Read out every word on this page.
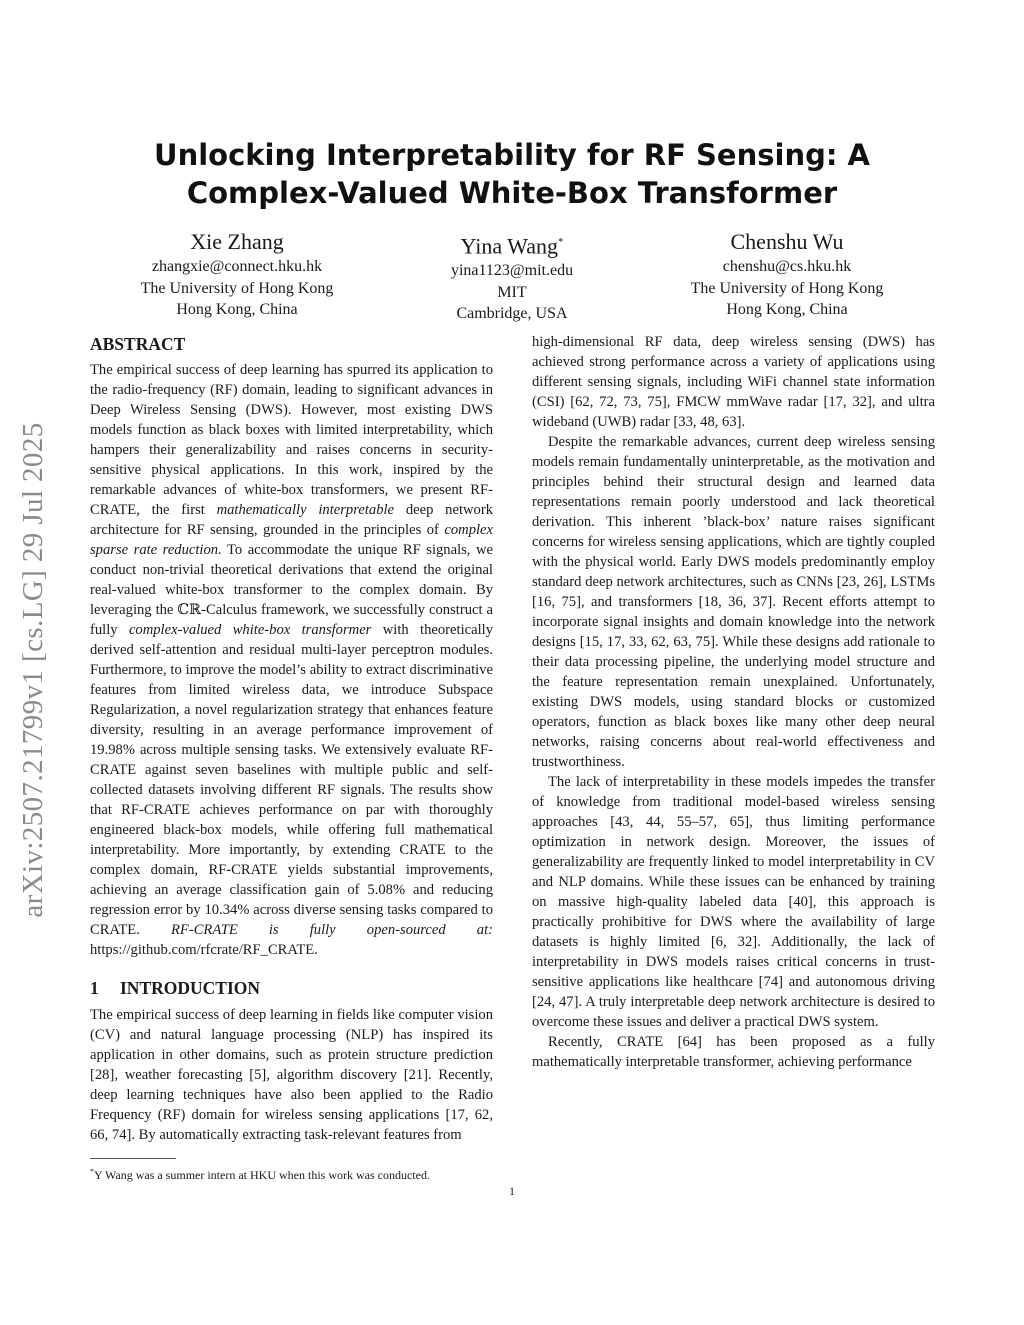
arXiv:2507.21799v1 [cs.LG] 29 Jul 2025
Unlocking Interpretability for RF Sensing: A
Complex-Valued White-Box Transformer
Xie Zhang
zhangxie@connect.hku.hk
The University of Hong Kong
Hong Kong, China
Yina Wang*
yina1123@mit.edu
MIT
Cambridge, USA
Chenshu Wu
chenshu@cs.hku.hk
The University of Hong Kong
Hong Kong, China
ABSTRACT

The empirical success of deep learning has spurred its application to the radio-frequency (RF) domain, leading to significant advances in Deep Wireless Sensing (DWS). However, most existing DWS models function as black boxes with limited interpretability, which hampers their generalizability and raises concerns in security-sensitive physical applications. In this work, inspired by the remarkable advances of white-box transformers, we present RF-CRATE, the first mathematically interpretable deep network architecture for RF sensing, grounded in the principles of complex sparse rate reduction. To accommodate the unique RF signals, we conduct non-trivial theoretical derivations that extend the original real-valued white-box transformer to the complex domain. By leveraging the ℂℝ-Calculus framework, we successfully construct a fully complex-valued white-box transformer with theoretically derived self-attention and residual multi-layer perceptron modules. Furthermore, to improve the model’s ability to extract discriminative features from limited wireless data, we introduce Subspace Regularization, a novel regularization strategy that enhances feature diversity, resulting in an average performance improvement of 19.98% across multiple sensing tasks. We extensively evaluate RF-CRATE against seven baselines with multiple public and self-collected datasets involving different RF signals. The results show that RF-CRATE achieves performance on par with thoroughly engineered black-box models, while offering full mathematical interpretability. More importantly, by extending CRATE to the complex domain, RF-CRATE yields substantial improvements, achieving an average classification gain of 5.08% and reducing regression error by 10.34% across diverse sensing tasks compared to CRATE. RF-CRATE is fully open-sourced at: https://github.com/rfcrate/RF_CRATE.

1 INTRODUCTION

The empirical success of deep learning in fields like computer vision (CV) and natural language processing (NLP) has inspired its application in other domains, such as protein structure prediction [28], weather forecasting [5], algorithm discovery [21]. Recently, deep learning techniques have also been applied to the Radio Frequency (RF) domain for wireless sensing applications [17, 62, 66, 74]. By automatically extracting task-relevant features from

high-dimensional RF data, deep wireless sensing (DWS) has achieved strong performance across a variety of applications using different sensing signals, including WiFi channel state information (CSI) [62, 72, 73, 75], FMCW mmWave radar [17, 32], and ultra wideband (UWB) radar [33, 48, 63].

Despite the remarkable advances, current deep wireless sensing models remain fundamentally uninterpretable, as the motivation and principles behind their structural design and learned data representations remain poorly understood and lack theoretical derivation. This inherent ’black-box’ nature raises significant concerns for wireless sensing applications, which are tightly coupled with the physical world. Early DWS models predominantly employ standard deep network architectures, such as CNNs [23, 26], LSTMs [16, 75], and transformers [18, 36, 37]. Recent efforts attempt to incorporate signal insights and domain knowledge into the network designs [15, 17, 33, 62, 63, 75]. While these designs add rationale to their data processing pipeline, the underlying model structure and the feature representation remain unexplained. Unfortunately, existing DWS models, using standard blocks or customized operators, function as black boxes like many other deep neural networks, raising concerns about real-world effectiveness and trustworthiness.

The lack of interpretability in these models impedes the transfer of knowledge from traditional model-based wireless sensing approaches [43, 44, 55–57, 65], thus limiting performance optimization in network design. Moreover, the issues of generalizability are frequently linked to model interpretability in CV and NLP domains. While these issues can be enhanced by training on massive high-quality labeled data [40], this approach is practically prohibitive for DWS where the availability of large datasets is highly limited [6, 32]. Additionally, the lack of interpretability in DWS models raises critical concerns in trust-sensitive applications like healthcare [74] and autonomous driving [24, 47]. A truly interpretable deep network architecture is desired to overcome these issues and deliver a practical DWS system.

Recently, CRATE [64] has been proposed as a fully mathematically interpretable transformer, achieving performance

*Y Wang was a summer intern at HKU when this work was conducted.
1
